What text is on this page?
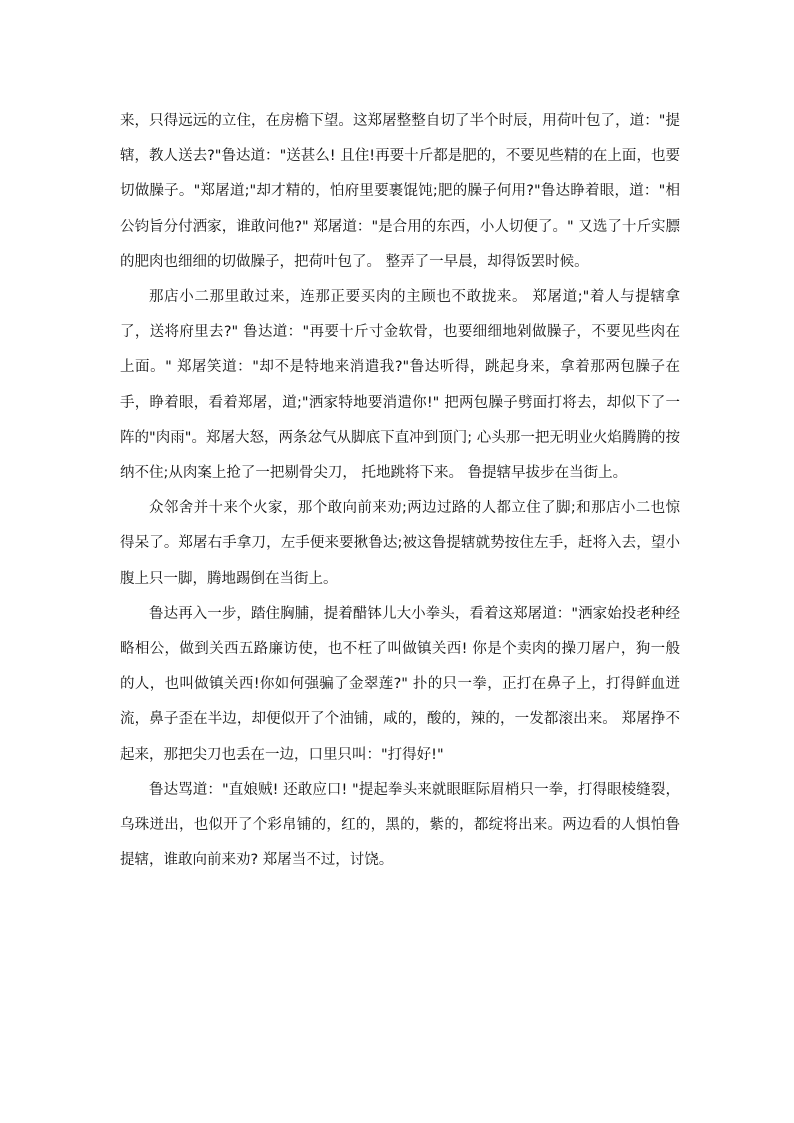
来，只得远远的立住，在房檐下望。这郑屠整整自切了半个时辰，用荷叶包了，道："提辖，教人送去?"鲁达道："送甚么! 且住!再要十斤都是肥的，不要见些精的在上面，也要切做臊子。"郑屠道;"却才精的，怕府里要裹馄饨;肥的臊子何用?"鲁达睁着眼，道："相公钧旨分付洒家，谁敢问他?" 郑屠道："是合用的东西，小人切便了。" 又选了十斤实膘的肥肉也细细的切做臊子，把荷叶包了。 整弄了一早晨，却得饭罢时候。

那店小二那里敢过来，连那正要买肉的主顾也不敢拢来。 郑屠道;"着人与提辖拿了，送将府里去?" 鲁达道："再要十斤寸金软骨，也要细细地剁做臊子，不要见些肉在上面。" 郑屠笑道："却不是特地来消遣我?"鲁达听得，跳起身来，拿着那两包臊子在手，睁着眼，看着郑屠，道;"洒家特地要消遣你!" 把两包臊子劈面打将去，却似下了一阵的"肉雨"。郑屠大怒，两条忿气从脚底下直冲到顶门; 心头那一把无明业火焰腾腾的按纳不住;从肉案上抢了一把剔骨尖刀， 托地跳将下来。 鲁提辖早拔步在当街上。

众邻舍并十来个火家，那个敢向前来劝;两边过路的人都立住了脚;和那店小二也惊得呆了。郑屠右手拿刀，左手便来要揪鲁达;被这鲁提辖就势按住左手，赶将入去，望小腹上只一脚，腾地踢倒在当街上。

鲁达再入一步，踏住胸脯，提着醋钵儿大小拳头，看着这郑屠道："洒家始投老种经略相公，做到关西五路廉访使，也不枉了叫做镇关西! 你是个卖肉的操刀屠户，狗一般的人，也叫做镇关西!你如何强骗了金翠莲?" 扑的只一拳，正打在鼻子上，打得鲜血迸流，鼻子歪在半边，却便似开了个油铺，咸的，酸的，辣的，一发都滚出来。 郑屠挣不起来，那把尖刀也丢在一边，口里只叫："打得好!"

鲁达骂道："直娘贼! 还敢应口! "提起拳头来就眼眶际眉梢只一拳，打得眼棱缝裂，乌珠迸出，也似开了个彩帛铺的，红的，黑的，紫的，都绽将出来。两边看的人惧怕鲁提辖，谁敢向前来劝? 郑屠当不过，讨饶。
